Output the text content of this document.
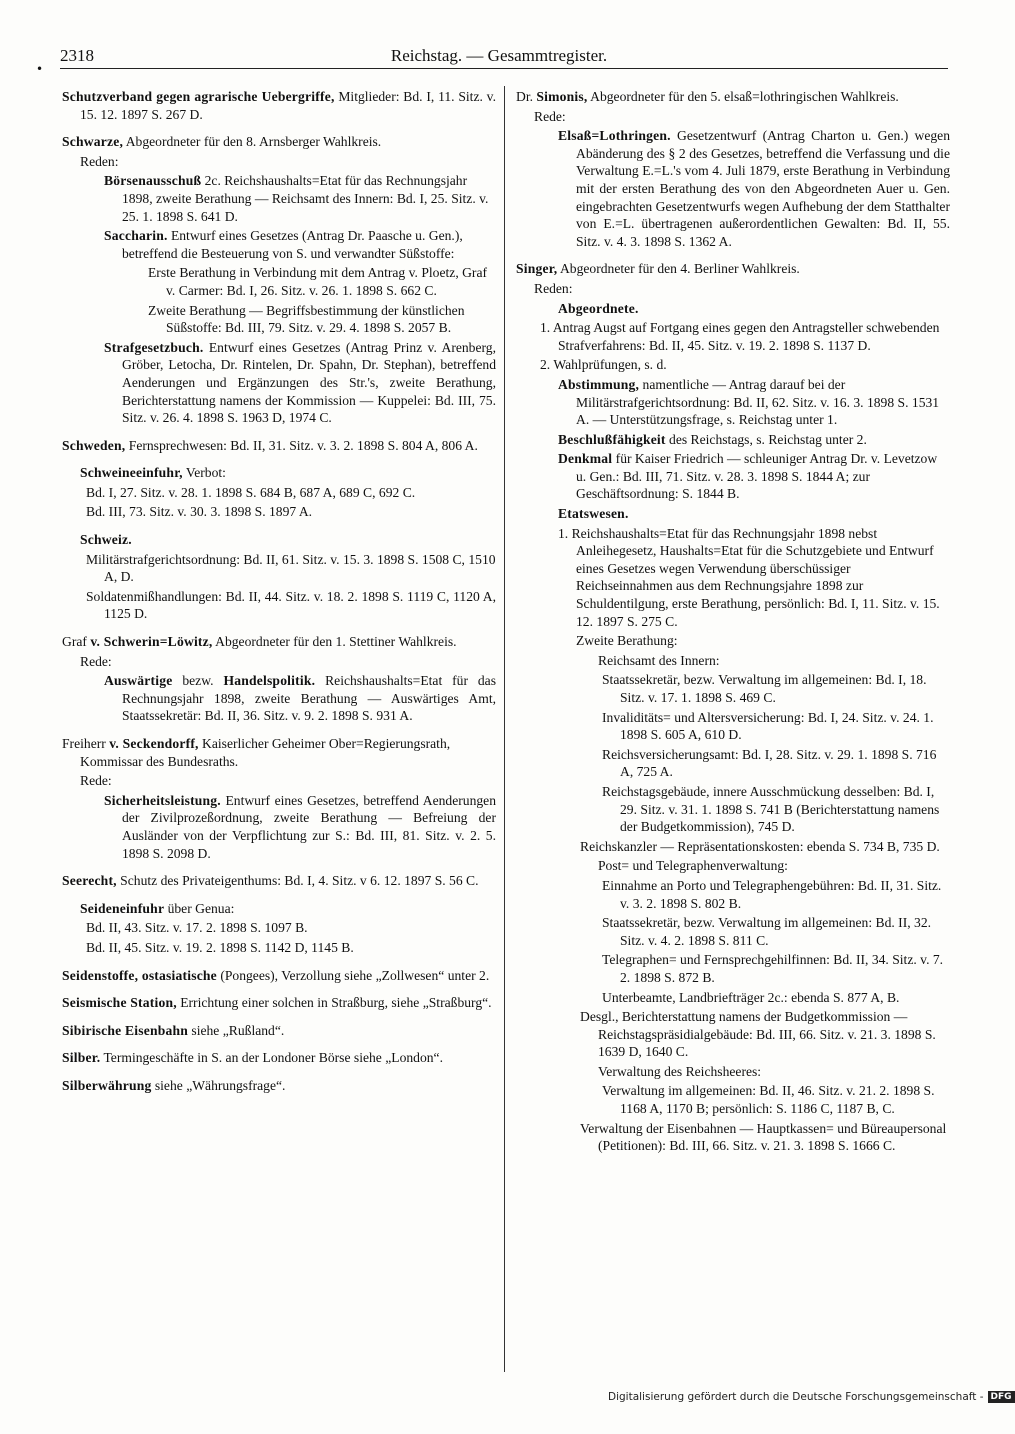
2318	Reichstag. — Gesammtregister.
•
Schutzverband gegen agrarische Uebergriffe, Mitglieder: Bd. I, 11. Sitz. v. 15. 12. 1897 S. 267 D.
Schwarze, Abgeordneter für den 8. Arnsberger Wahlkreis.
Reden:
Börsenausschuß 2c. Reichshaushalts=Etat für das Rechnungsjahr 1898, zweite Berathung — Reichsamt des Innern: Bd. I, 25. Sitz. v. 25. 1. 1898 S. 641 D.
Saccharin. Entwurf eines Gesetzes (Antrag Dr. Paasche u. Gen.), betreffend die Besteuerung von S. und verwandter Süßstoffe:
Erste Berathung in Verbindung mit dem Antrag v. Ploetz, Graf v. Carmer: Bd. I, 26. Sitz. v. 26. 1. 1898 S. 662 C.
Zweite Berathung — Begriffsbestimmung der künstlichen Süßstoffe: Bd. III, 79. Sitz. v. 29. 4. 1898 S. 2057 B.
Strafgesetzbuch. Entwurf eines Gesetzes (Antrag Prinz v. Arenberg, Gröber, Letocha, Dr. Rintelen, Dr. Spahn, Dr. Stephan), betreffend Aenderungen und Ergänzungen des Str.'s, zweite Berathung, Berichterstattung namens der Kommission — Kuppelei: Bd. III, 75. Sitz. v. 26. 4. 1898 S. 1963 D, 1974 C.
Schweden, Fernsprechwesen: Bd. II, 31. Sitz. v. 3. 2. 1898 S. 804 A, 806 A.
Schweineeinfuhr, Verbot:
Bd. I, 27. Sitz. v. 28. 1. 1898 S. 684 B, 687 A, 689 C, 692 C.
Bd. III, 73. Sitz. v. 30. 3. 1898 S. 1897 A.
Schweiz.
Militärstrafgerichtsordnung: Bd. II, 61. Sitz. v. 15. 3. 1898 S. 1508 C, 1510 A, D.
Soldatenmißhandlungen: Bd. II, 44. Sitz. v. 18. 2. 1898 S. 1119 C, 1120 A, 1125 D.
Graf v. Schwerin=Löwitz, Abgeordneter für den 1. Stettiner Wahlkreis.
Rede:
Auswärtige bezw. Handelspolitik. Reichshaushalts=Etat für das Rechnungsjahr 1898, zweite Berathung — Auswärtiges Amt, Staatssekretär: Bd. II, 36. Sitz. v. 9. 2. 1898 S. 931 A.
Freiherr v. Seckendorff, Kaiserlicher Geheimer Ober=Regierungsrath, Kommissar des Bundesraths.
Rede:
Sicherheitsleistung. Entwurf eines Gesetzes, betreffend Aenderungen der Zivilprozeßordnung, zweite Berathung — Befreiung der Ausländer von der Verpflichtung zur S.: Bd. III, 81. Sitz. v. 2. 5. 1898 S. 2098 D.
Seerecht, Schutz des Privateigenthums: Bd. I, 4. Sitz. v 6. 12. 1897 S. 56 C.
Seideneinfuhr über Genua:
Bd. II, 43. Sitz. v. 17. 2. 1898 S. 1097 B.
Bd. II, 45. Sitz. v. 19. 2. 1898 S. 1142 D, 1145 B.
Seidenstoffe, ostasiatische (Pongees), Verzollung siehe „Zollwesen“ unter 2.
Seismische Station, Errichtung einer solchen in Straßburg, siehe „Straßburg“.
Sibirische Eisenbahn siehe „Rußland“.
Silber. Termingeschäfte in S. an der Londoner Börse siehe „London“.
Silberwährung siehe „Währungsfrage“.
Dr. Simonis, Abgeordneter für den 5. elsaß=lothringischen Wahlkreis.
Rede:
Elsaß=Lothringen. Gesetzentwurf (Antrag Charton u. Gen.) wegen Abänderung des § 2 des Gesetzes, betreffend die Verfassung und die Verwaltung E.=L.'s vom 4. Juli 1879, erste Berathung in Verbindung mit der ersten Berathung des von den Abgeordneten Auer u. Gen. eingebrachten Gesetzentwurfs wegen Aufhebung der dem Statthalter von E.=L. übertragenen außerordentlichen Gewalten: Bd. II, 55. Sitz. v. 4. 3. 1898 S. 1362 A.
Singer, Abgeordneter für den 4. Berliner Wahlkreis.
Reden:
Abgeordnete.
1. Antrag Augst auf Fortgang eines gegen den Antragsteller schwebenden Strafverfahrens: Bd. II, 45. Sitz. v. 19. 2. 1898 S. 1137 D.
2. Wahlprüfungen, s. d.
Abstimmung, namentliche — Antrag darauf bei der Militärstrafgerichtsordnung: Bd. II, 62. Sitz. v. 16. 3. 1898 S. 1531 A. — Unterstützungsfrage, s. Reichstag unter 1.
Beschlußfähigkeit des Reichstags, s. Reichstag unter 2.
Denkmal für Kaiser Friedrich — schleuniger Antrag Dr. v. Levetzow u. Gen.: Bd. III, 71. Sitz. v. 28. 3. 1898 S. 1844 A; zur Geschäftsordnung: S. 1844 B.
Etatswesen.
1. Reichshaushalts=Etat für das Rechnungsjahr 1898 nebst Anleihegesetz, Haushalts=Etat für die Schutzgebiete und Entwurf eines Gesetzes wegen Verwendung überschüssiger Reichseinnahmen aus dem Rechnungsjahre 1898 zur Schuldentilgung, erste Berathung, persönlich: Bd. I, 11. Sitz. v. 15. 12. 1897 S. 275 C.
Zweite Berathung:
Reichsamt des Innern:
Staatssekretär, bezw. Verwaltung im allgemeinen: Bd. I, 18. Sitz. v. 17. 1. 1898 S. 469 C.
Invaliditäts= und Altersversicherung: Bd. I, 24. Sitz. v. 24. 1. 1898 S. 605 A, 610 D.
Reichsversicherungsamt: Bd. I, 28. Sitz. v. 29. 1. 1898 S. 716 A, 725 A.
Reichstagsgebäude, innere Ausschmückung desselben: Bd. I, 29. Sitz. v. 31. 1. 1898 S. 741 B (Berichterstattung namens der Budgetkommission), 745 D.
Reichskanzler — Repräsentationskosten: ebenda S. 734 B, 735 D.
Post= und Telegraphenverwaltung:
Einnahme an Porto und Telegraphengebühren: Bd. II, 31. Sitz. v. 3. 2. 1898 S. 802 B.
Staatssekretär, bezw. Verwaltung im allgemeinen: Bd. II, 32. Sitz. v. 4. 2. 1898 S. 811 C.
Telegraphen= und Fernsprechgehilfinnen: Bd. II, 34. Sitz. v. 7. 2. 1898 S. 872 B.
Unterbeamte, Landbriefträger 2c.: ebenda S. 877 A, B.
Desgl., Berichterstattung namens der Budgetkommission — Reichstagspräsidialgebäude: Bd. III, 66. Sitz. v. 21. 3. 1898 S. 1639 D, 1640 C.
Verwaltung des Reichsheeres:
Verwaltung im allgemeinen: Bd. II, 46. Sitz. v. 21. 2. 1898 S. 1168 A, 1170 B; persönlich: S. 1186 C, 1187 B, C.
Verwaltung der Eisenbahnen — Hauptkassen= und Büreaupersonal (Petitionen): Bd. III, 66. Sitz. v. 21. 3. 1898 S. 1666 C.
Digitalisierung gefördert durch die Deutsche Forschungsgemeinschaft - DFG
